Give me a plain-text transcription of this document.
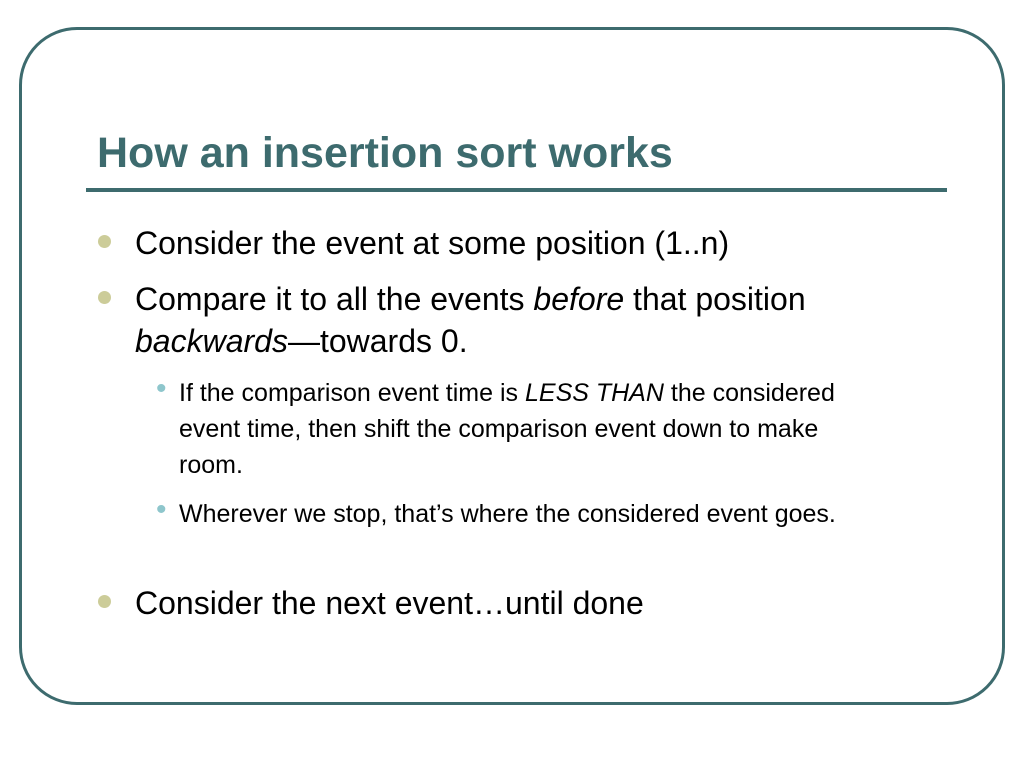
How an insertion sort works
Consider the event at some position (1..n)
Compare it to all the events before that position backwards—towards 0.
• If the comparison event time is LESS THAN the considered event time, then shift the comparison event down to make room.
• Wherever we stop, that’s where the considered event goes.
Consider the next event…until done
